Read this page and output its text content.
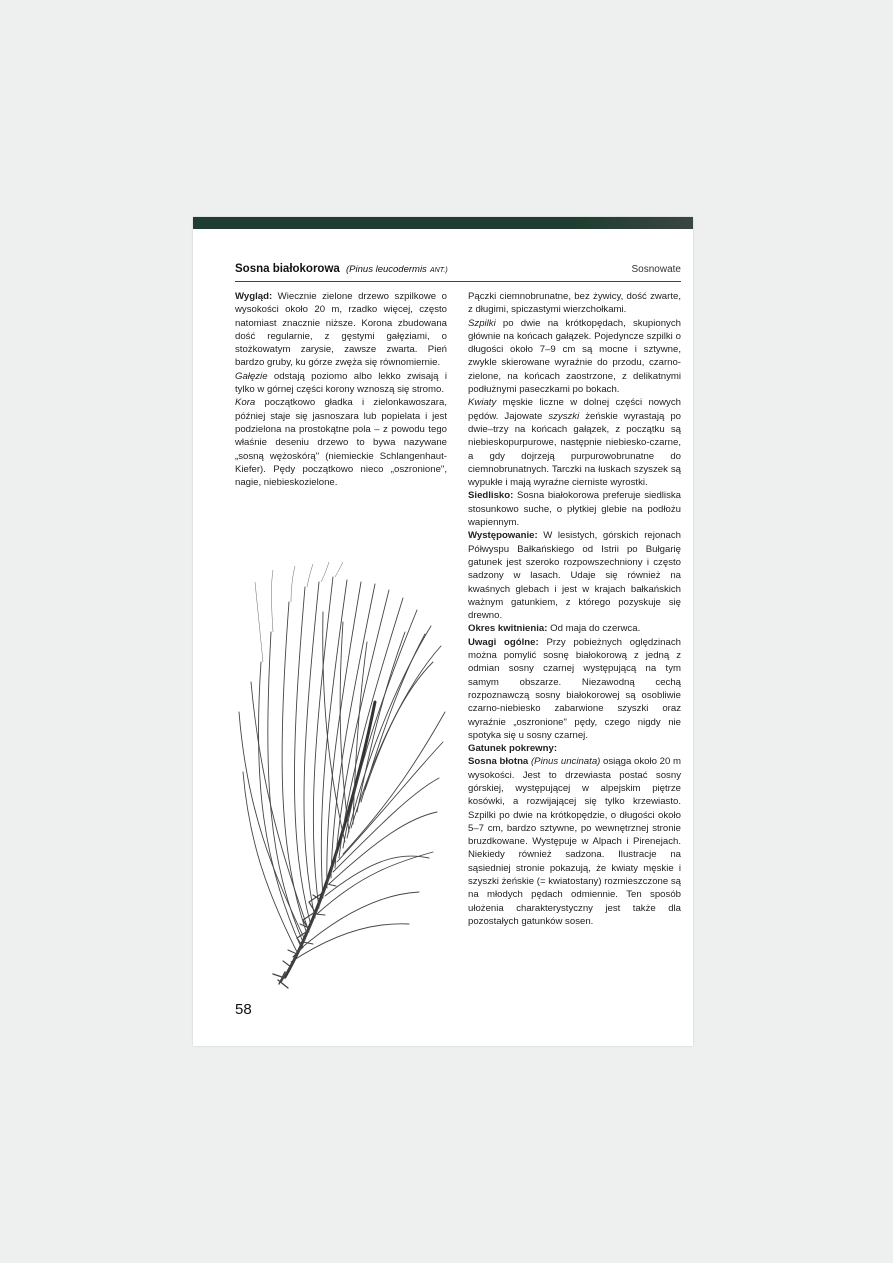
Sosna białokorowa (Pinus leucodermis ANT.)	Sosnowate

Wygląd: Wiecznie zielone drzewo szpilkowe o wysokości około 20 m, rzadko więcej, często natomiast znacznie niższe. Korona zbudowana dość regularnie, z gęstymi gałęziami, o stożkowatym zarysie, zawsze zwarta. Pień bardzo gruby, ku górze zwęża się równomiernie.

Gałęzie odstają poziomo albo lekko zwisają i tylko w górnej części korony wznoszą się stromo.

Kora początkowo gładka i zielonkawoszara, później staje się jasnoszara lub popielata i jest podzielona na prostokątne pola – z powodu tego właśnie deseniu drzewo to bywa nazywane „sosną wężoskórą" (niemieckie Schlangenhaut-Kiefer). Pędy początkowo nieco „oszronione", nagie, niebieskozielone.

Pączki ciemnobrunatne, bez żywicy, dość zwarte, z długimi, spiczastymi wierzchołkami.

Szpilki po dwie na krótkopędach, skupionych głównie na końcach gałązek. Pojedyncze szpilki o długości około 7–9 cm są mocne i sztywne, zwykle skierowane wyraźnie do przodu, czarno-zielone, na końcach zaostrzone, z delikatnymi podłużnymi paseczkami po bokach.

Kwiaty męskie liczne w dolnej części nowych pędów. Jajowate szyszki żeńskie wyrastają po dwie–trzy na końcach gałązek, z początku są niebieskopurpurowe, następnie niebiesko-czarne, a gdy dojrzeją purpurowobrunatne do ciemnobrunatnych. Tarczki na łuskach szyszek są wypukłe i mają wyraźne cierniste wyrostki.

Siedlisko: Sosna białokorowa preferuje siedliska stosunkowo suche, o płytkiej glebie na podłożu wapiennym.

Występowanie: W lesistych, górskich rejonach Półwyspu Bałkańskiego od Istrii po Bułgarię gatunek jest szeroko rozpowszechniony i często sadzony w lasach. Udaje się również na kwaśnych glebach i jest w krajach bałkańskich ważnym gatunkiem, z którego pozyskuje się drewno.

Okres kwitnienia: Od maja do czerwca.

Uwagi ogólne: Przy pobieżnych oględzinach można pomylić sosnę białokorową z jedną z odmian sosny czarnej występującą na tym samym obszarze. Niezawodną cechą rozpoznawczą sosny białokorowej są osobliwie czarno-niebiesko zabarwione szyszki oraz wyraźnie „oszronione" pędy, czego nigdy nie spotyka się u sosny czarnej.

Gatunek pokrewny:

Sosna błotna (Pinus uncinata) osiąga około 20 m wysokości. Jest to drzewiasta postać sosny górskiej, występującej w alpejskim piętrze kosówki, a rozwijającej się tylko krzewiasto. Szpilki po dwie na krótkopędzie, o długości około 5–7 cm, bardzo sztywne, po wewnętrznej stronie bruzdkowane. Występuje w Alpach i Pirenejach. Niekiedy również sadzona. Ilustracje na sąsiedniej stronie pokazują, że kwiaty męskie i szyszki żeńskie (= kwiatostany) rozmieszczone są na młodych pędach odmiennie. Ten sposób ułożenia charakterystyczny jest także dla pozostałych gatunków sosen.

58
